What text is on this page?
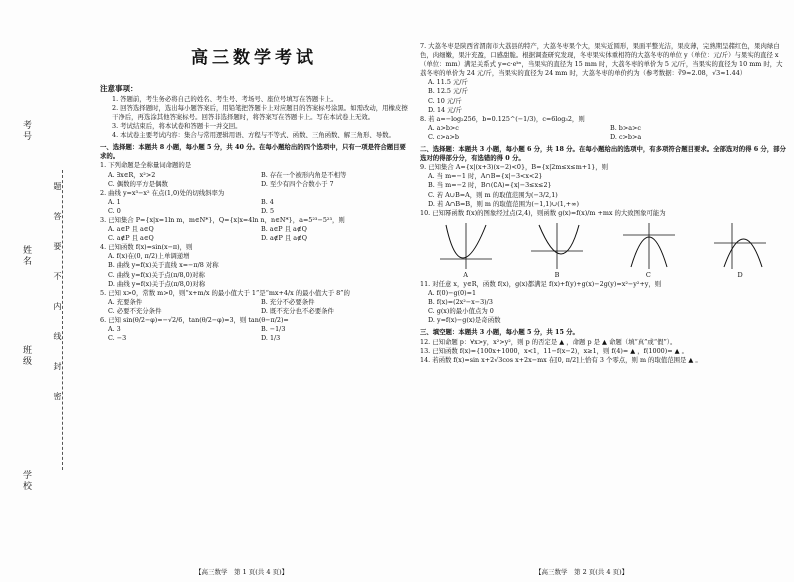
考号
姓名
班级
学校
题
答
要
不
内
线
封
密
高三数学考试
注意事项：

1. 答题前，考生务必将自己的姓名、考生号、考场号、座位号填写在答题卡上。

2. 回答选择题时，选出每小题答案后，用铅笔把答题卡上对应题目的答案标号涂黑。如需改动，用橡皮擦干净后，再选涂其他答案标号。回答非选择题时，将答案写在答题卡上。写在本试卷上无效。

3. 考试结束后，将本试卷和答题卡一并交回。

4. 本试卷主要考试内容：集合与常用逻辑用语、方程与不等式、函数、三角函数、解三角形、导数。

一、选择题：本题共 8 小题，每小题 5 分，共 40 分。在每小题给出的四个选项中，只有一项是符合题目要求的。

1. 下列命题是全称量词命题的是

A. ∃x∈R，x²>2	B. 存在一个被形内角是不相等
C. 偶数的平方是偶数	D. 至少有四个合数小于 7

2. 曲线 y=x³−x² 在点(1,0)处的切线斜率为

A. 1	B. 4
C. 0	D. 5

3. 已知集合 P={x|x=1ln m，m∈N*}，Q={x|x=4ln n，n∈N*}，a=5²³−5²³，则

A. a∈P 且 a∈Q	B. a∈P 且 a∉Q
C. a∉P 且 a∈Q	D. a∉P 且 a∉Q

4. 已知函数 f(x)=sin(x−π)，则

A. f(x)在(0, π/2)上单调递增
B. 曲线 y=f(x)关于直线 x=−π/8 对称
C. 曲线 y=f(x)关于点(π/8,0)对称
D. 曲线 y=f(x)关于点(π/8,0)对称

5. 已知 x>0，常数 m>0，则“x+m/x 的最小值大于 1”是“mx+4/x 的最小值大于 8”的

A. 充要条件	B. 充分不必要条件
C. 必要不充分条件	D. 既不充分也不必要条件

6. 已知 sin(θ/2−φ)=−√2/6，tan(θ/2−φ)=3，则 tan(θ−π/2)=

A. 3	B. −1/3
C. −3	D. 1/3
【高三数学　第 1 页(共 4 页)】

7. 大荔冬枣是陕西省渭南市大荔县的特产，大荔冬枣果个大，果实近圆形，果面平整光洁，果皮薄，完熟期呈赭红色，果肉绿白色，肉细嫩，果汁充盈，口感甜脆。根据调查研究发现，冬枣果实体重相符的大荔冬枣的单位 y（单位：元/斤）与果实的直径 x（单位：mm）满足关系式 y=c·eᵏˣ，当果实的直径为 15 mm 时，大荔冬枣的单价为 5 元/斤，当果实的直径为 10 mm 时，大荔冬枣的单价为 24 元/斤，当果实的直径为 24 mm 时，大荔冬枣的单价约为（参考数据：∛9≈2.08，√3≈1.44）

A. 11.5 元/斤
B. 12.5 元/斤
C. 10 元/斤
D. 14 元/斤

8. 若 a=−log₂256，b=0.125^(−1/3)，c=6log₃2，则

A. a>b>c	B. b>a>c
C. c>a>b	D. c>b>a

二、选择题：本题共 3 小题，每小题 6 分，共 18 分。在每小题给出的选项中，有多项符合题目要求。全部选对的得 6 分，部分选对的得部分分，有选错的得 0 分。

9. 已知集合 A={x|(x+3)(x−2)<0}，B={x|2m≤x≤m+1}，则

A. 当 m=−1 时，A∩B={x|−3<x<2}
B. 当 m=−2 时，B∩(∁A)={x|−3≤x≤2}
C. 若 A∪B=A，则 m 的取值范围为(−3/2,1)
D. 若 A∩B=B，则 m 的取值范围为(−1,1)∪(1,+∞)

10. 已知幂函数 f(x)的图象经过点(2,4)，则函数 g(x)=f(x)/m +mx 的大致图象可能为

A	B	C	D

11. 对任意 x，y∈R，函数 f(x)，g(x)都满足 f(x)+f(y)+g(x)−2g(y)=x²−y²+y，则

A. f(0)−g(0)=1
B. f(x)=(2x²−x−3)/3
C. g(x)的最小值点为 0
D. y=f(x)−g(x)是奇函数

三、填空题：本题共 3 小题，每小题 5 分，共 15 分。

12. 已知命题 p：∀x>y，x²>y²，则 p 的否定是 ▲ ，命题 p 是 ▲ 命题（填“真”或“假”）。

13. 已知函数 f(x)={100x+1000，x<1，11−f(x−2)，x≥1，则 f(4)= ▲ ，f(1000)= ▲ 。

14. 若函数 f(x)=sin x+2√3cos x+2x−mx 在[0, π/2]上恰有 3 个零点，则 m 的取值范围是 ▲ 。

【高三数学　第 2 页(共 4 页)】
